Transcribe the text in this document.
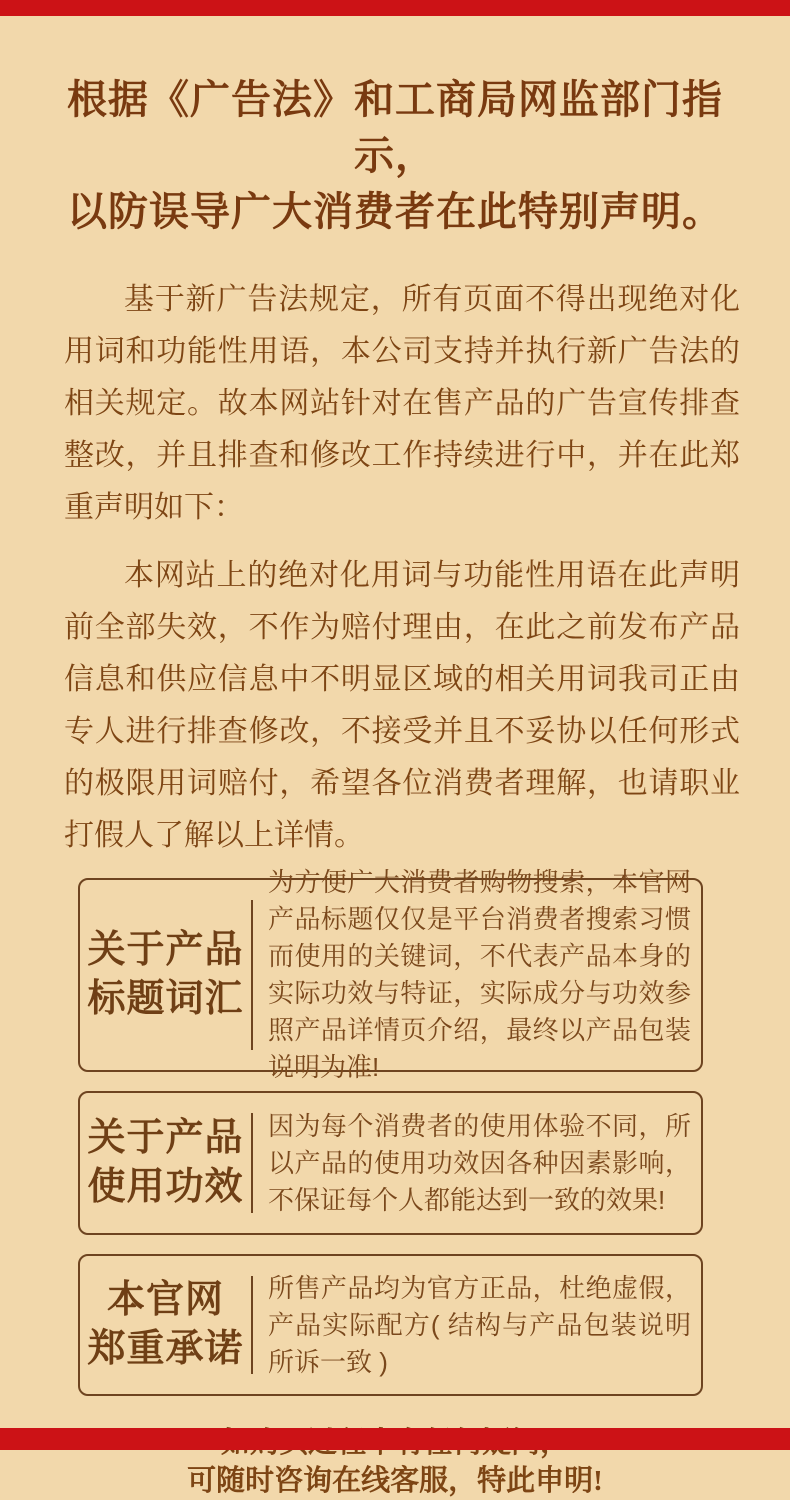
根据《广告法》和工商局网监部门指示，
以防误导广大消费者在此特别声明。

基于新广告法规定，所有页面不得出现绝对化用词和功能性用语，本公司支持并执行新广告法的相关规定。故本网站针对在售产品的广告宣传排查整改，并且排查和修改工作持续进行中，并在此郑重声明如下：

本网站上的绝对化用词与功能性用语在此声明前全部失效，不作为赔付理由，在此之前发布产品信息和供应信息中不明显区域的相关用词我司正由专人进行排查修改，不接受并且不妥协以任何形式的极限用词赔付，希望各位消费者理解，也请职业打假人了解以上详情。

关于产品
标题词汇
为方便广大消费者购物搜索，本官网产品标题仅仅是平台消费者搜索习惯而使用的关键词，不代表产品本身的实际功效与特证，实际成分与功效参照产品详情页介绍，最终以产品包装说明为准!
关于产品
使用功效
因为每个消费者的使用体验不同，所以产品的使用功效因各种因素影响，不保证每个人都能达到一致的效果!
本官网
郑重承诺
所售产品均为官方正品，杜绝虚假，产品实际配方( 结构与产品包装说明所诉一致 )
可随时咨询在线客服，特此申明!
